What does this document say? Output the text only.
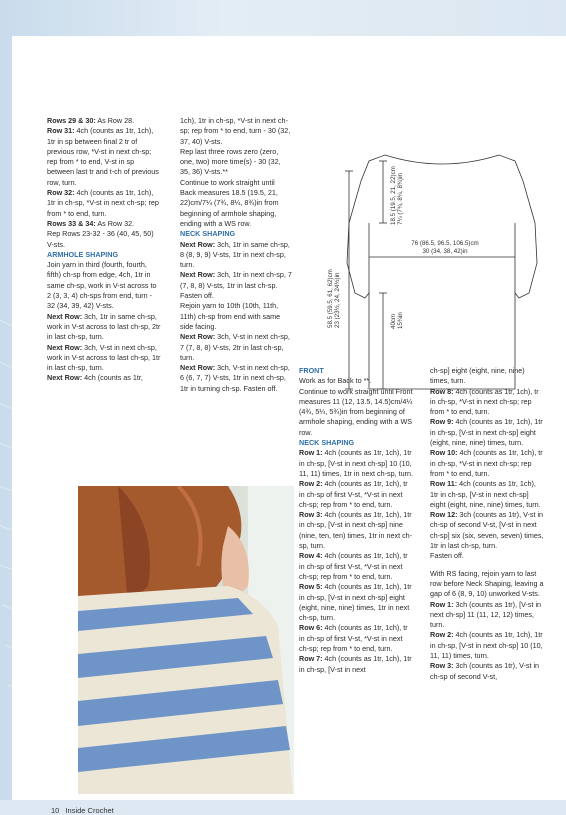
Rows 29 & 30: As Row 28.

Row 31: 4ch (counts as 1tr, 1ch), 1tr in sp between final 2 tr of previous row, *V-st in next ch-sp; rep from * to end, V-st in sp between last tr and t-ch of previous row, turn.

Row 32: 4ch (counts as 1tr, 1ch), 1tr in ch-sp, *V-st in next ch-sp; rep from * to end, turn.

Rows 33 & 34: As Row 32.

Rep Rows 23-32 - 36 (40, 45, 50) V-sts.

ARMHOLE SHAPING

Join yarn in third (fourth, fourth, fifth) ch-sp from edge, 4ch, 1tr in same ch-sp, work in V-st across to 2 (3, 3, 4) ch-sps from end, turn - 32 (34, 39, 42) V-sts.

Next Row: 3ch, 1tr in same ch-sp, work in V-st across to last ch-sp, 2tr in last ch-sp, turn.

Next Row: 3ch, V-st in next ch-sp, work in V-st across to last ch-sp, 1tr in last ch-sp, turn.

Next Row: 4ch (counts as 1tr,

1ch), 1tr in ch-sp, *V-st in next ch-sp; rep from * to end, turn - 30 (32, 37, 40) V-sts.

Rep last three rows zero (zero, one, two) more time(s) - 30 (32, 35, 36) V-sts.**

Continue to work straight until Back measures 18.5 (19.5, 21, 22)cm/7¼ (7¾, 8¼, 8¾)in from beginning of armhole shaping, ending with a WS row.

NECK SHAPING

Next Row: 3ch, 1tr in same ch-sp, 8 (8, 9, 9) V-sts, 1tr in next ch-sp, turn.

Next Row: 3ch, 1tr in next ch-sp, 7 (7, 8, 8) V-sts, 1tr in last ch-sp.

Fasten off.

Rejoin yarn to 10th (10th, 11th, 11th) ch-sp from end with same side facing.

Next Row: 3ch, V-st in next ch-sp, 7 (7, 8, 8) V-sts, 2tr in last ch-sp, turn.

Next Row: 3ch, V-st in next ch-sp, 6 (6, 7, 7) V-sts, 1tr in next ch-sp, 1tr in turning ch-sp. Fasten off.

76 (86.5, 96.5, 106.5)cm
30 (34, 38, 42)in
18.5 (19.5, 21, 22)cm 7¼ (7¾, 8¼, 8¾)in
58.5 (59.5, 61, 62)cm 23 (23½, 24, 24½)in	40cm 15¾in

FRONT

Work as for Back to **.

Continue to work straight until Front measures 11 (12, 13.5, 14.5)cm/4¼ (4¾, 5¼, 5¾)in from beginning of armhole shaping, ending with a WS row.

NECK SHAPING

Row 1: 4ch (counts as 1tr, 1ch), 1tr in ch-sp, [V-st in next ch-sp] 10 (10, 11, 11) times, 1tr in next ch-sp, turn.

Row 2: 4ch (counts as 1tr, 1ch), tr in ch-sp of first V-st, *V-st in next ch-sp; rep from * to end, turn.

Row 3: 4ch (counts as 1tr, 1ch), 1tr in ch-sp, [V-st in next ch-sp] nine (nine, ten, ten) times, 1tr in next ch-sp, turn.

Row 4: 4ch (counts as 1tr, 1ch), tr in ch-sp of first V-st, *V-st in next ch-sp; rep from * to end, turn.

Row 5: 4ch (counts as 1tr, 1ch), 1tr in ch-sp, [V-st in next ch-sp] eight (eight, nine, nine) times, 1tr in next ch-sp, turn.

Row 6: 4ch (counts as 1tr, 1ch), tr in ch-sp of first V-st, *V-st in next ch-sp; rep from * to end, turn.

Row 7: 4ch (counts as 1tr, 1ch), 1tr in ch-sp, [V-st in next

ch-sp] eight (eight, nine, nine) times, turn.

Row 8: 4ch (counts as 1tr, 1ch), tr in ch-sp, *V-st in next ch-sp; rep from * to end, turn.

Row 9: 4ch (counts as 1tr, 1ch), 1tr in ch-sp, [V-st in next ch-sp] eight (eight, nine, nine) times, turn.

Row 10: 4ch (counts as 1tr, 1ch), tr in ch-sp, *V-st in next ch-sp; rep from * to end, turn.

Row 11: 4ch (counts as 1tr, 1ch), 1tr in ch-sp, [V-st in next ch-sp] eight (eight, nine, nine) times, turn.

Row 12: 3ch (counts as 1tr), V-st in ch-sp of second V-st, [V-st in next ch-sp] six (six, seven, seven) times, 1tr in last ch-sp, turn.

Fasten off.

With RS facing, rejoin yarn to last row before Neck Shaping, leaving a gap of 6 (8, 9, 10) unworked V-sts.

Row 1: 3ch (counts as 1tr), [V-st in next ch-sp] 11 (11, 12, 12) times, turn.

Row 2: 4ch (counts as 1tr, 1ch), 1tr in ch-sp, [V-st in next ch-sp] 10 (10, 11, 11) times, turn.

Row 3: 3ch (counts as 1tr), V-st in ch-sp of second V-st,

10 Inside Crochet
PassionForum.ru
